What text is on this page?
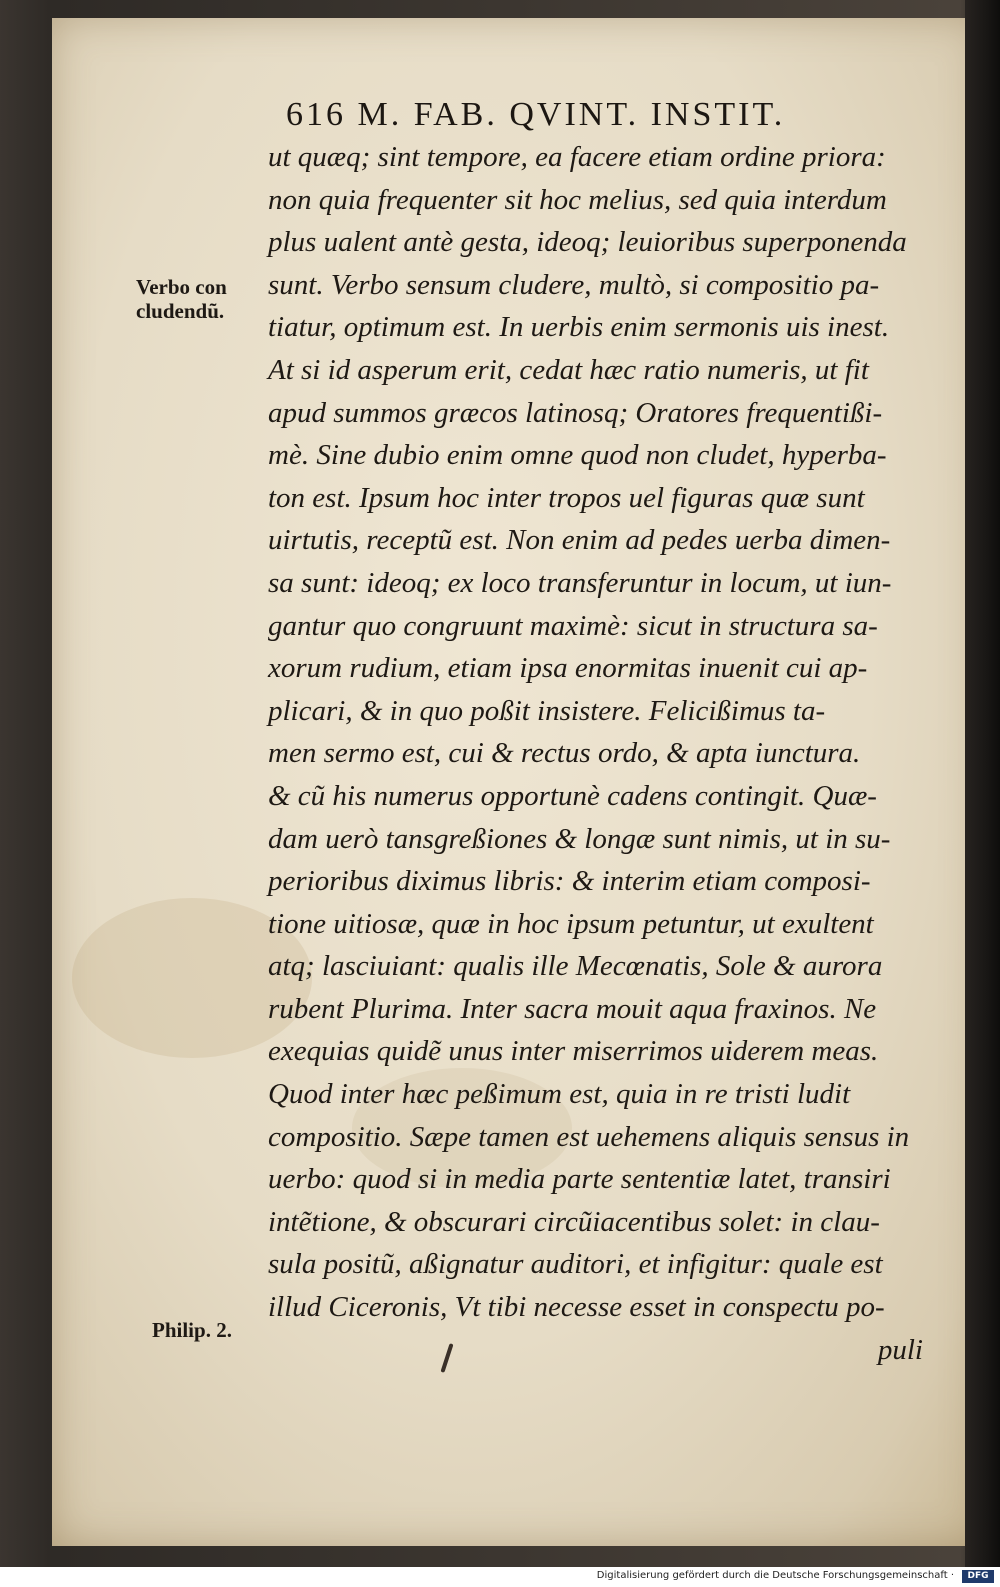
616 M. FAB. QVINT. INSTIT.
ut quæq; sint tempore, ea facere etiam ordine priora:
non quia frequenter sit hoc melius, sed quia interdum
plus ualent antè gesta, ideoq; leuioribus superponenda
sunt. Verbo sensum cludere, multò, si compositio pa-
tiatur, optimum est. In uerbis enim sermonis uis inest.
At si id asperum erit, cedat hæc ratio numeris, ut fit
apud summos græcos latinosq; Oratores frequentißi-
mè. Sine dubio enim omne quod non cludet, hyperba-
ton est. Ipsum hoc inter tropos uel figuras quæ sunt
uirtutis, receptũ est. Non enim ad pedes uerba dimen-
sa sunt: ideoq; ex loco transferuntur in locum, ut iun-
gantur quo congruunt maximè: sicut in structura sa-
xorum rudium, etiam ipsa enormitas inuenit cui ap-
plicari, & in quo poßit insistere. Felicißimus ta-
men sermo est, cui & rectus ordo, & apta iunctura.
& cũ his numerus opportunè cadens contingit. Quæ-
dam uerò tansgreßiones & longæ sunt nimis, ut in su-
perioribus diximus libris: & interim etiam composi-
tione uitiosæ, quæ in hoc ipsum petuntur, ut exultent
atq; lasciuiant: qualis ille Mecœnatis, Sole & aurora
rubent Plurima. Inter sacra mouit aqua fraxinos. Ne
exequias quidẽ unus inter miserrimos uiderem meas.
Quod inter hæc peßimum est, quia in re tristi ludit
compositio. Sæpe tamen est uehemens aliquis sensus in
uerbo: quod si in media parte sententiæ latet, transiri
intẽtione, & obscurari circũiacentibus solet: in clau-
sula positũ, aßignatur auditori, et infigitur: quale est
illud Ciceronis, Vt tibi necesse esset in conspectu po-
puli
Verbo con
cludendũ.
Philip. 2.
Digitalisierung gefördert durch die Deutsche Forschungsgemeinschaft ·	DFG
